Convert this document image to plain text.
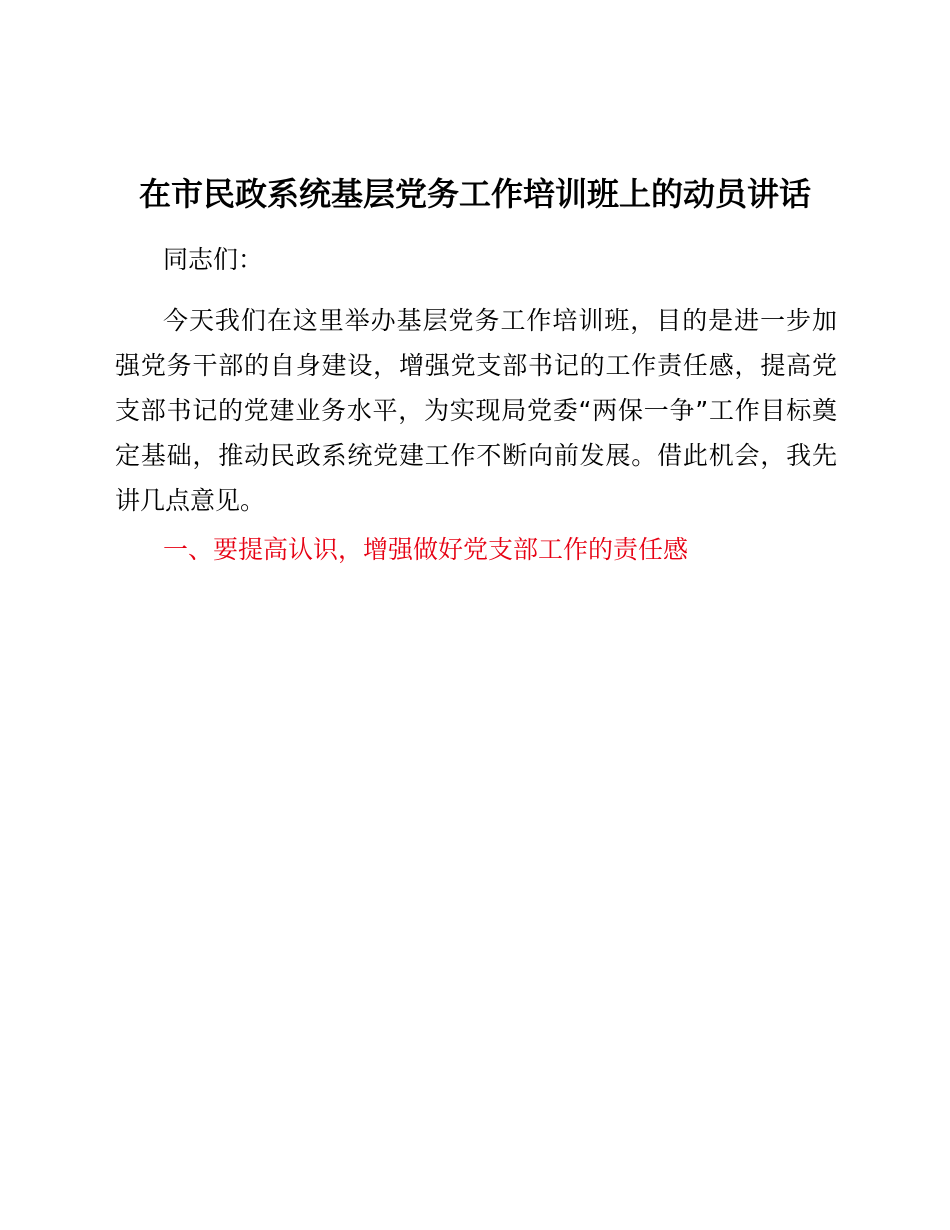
在市民政系统基层党务工作培训班上的动员讲话
同志们：

今天我们在这里举办基层党务工作培训班，目的是进一步加强党务干部的自身建设，增强党支部书记的工作责任感，提高党支部书记的党建业务水平，为实现局党委“两保一争”工作目标奠定基础，推动民政系统党建工作不断向前发展。借此机会，我先讲几点意见。

一、要提高认识，增强做好党支部工作的责任感
